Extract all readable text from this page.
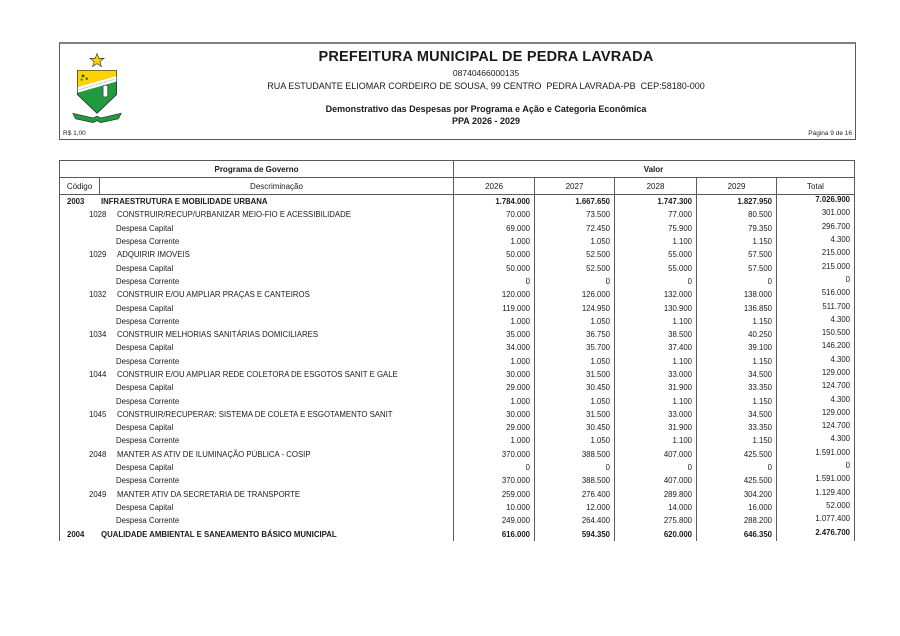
PREFEITURA MUNICIPAL DE PEDRA LAVRADA
08740466000135
RUA ESTUDANTE ELIOMAR CORDEIRO DE SOUSA, 99 CENTRO  PEDRA LAVRADA-PB  CEP:58180-000
Demonstrativo das Despesas por Programa e Ação e Categoria Econômica
PPA 2026 - 2029
R$ 1,00	Página 9 de 16
Programa de Governo	Valor
Código	Descriminação	2026	2027	2028	2029	Total
2003	INFRAESTRUTURA E MOBILIDADE URBANA	1.784.000	1.667.650	1.747.300	1.827.950	7.026.900
1028	CONSTRUIR/RECUP/URBANIZAR MEIO-FIO E ACESSIBILIDADE	70.000	73.500	77.000	80.500	301.000
Despesa Capital	69.000	72.450	75.900	79.350	296.700
Despesa Corrente	1.000	1.050	1.100	1.150	4.300
1029	ADQUIRIR IMOVEIS	50.000	52.500	55.000	57.500	215.000
Despesa Capital	50.000	52.500	55.000	57.500	215.000
Despesa Corrente	0	0	0	0	0
1032	CONSTRUIR E/OU AMPLIAR PRAÇAS E CANTEIROS	120.000	126.000	132.000	138.000	516.000
Despesa Capital	119.000	124.950	130.900	136.850	511.700
Despesa Corrente	1.000	1.050	1.100	1.150	4.300
1034	CONSTRUIR MELHORIAS SANITÁRIAS DOMICILIARES	35.000	36.750	38.500	40.250	150.500
Despesa Capital	34.000	35.700	37.400	39.100	146.200
Despesa Corrente	1.000	1.050	1.100	1.150	4.300
1044	CONSTRUIR E/OU AMPLIAR REDE COLETORA DE ESGOTOS SANIT E GALE	30.000	31.500	33.000	34.500	129.000
Despesa Capital	29.000	30.450	31.900	33.350	124.700
Despesa Corrente	1.000	1.050	1.100	1.150	4.300
1045	CONSTRUIR/RECUPERAR: SISTEMA DE COLETA E ESGOTAMENTO SANIT	30.000	31.500	33.000	34.500	129.000
Despesa Capital	29.000	30.450	31.900	33.350	124.700
Despesa Corrente	1.000	1.050	1.100	1.150	4.300
2048	MANTER AS ATIV DE ILUMINAÇÃO PÚBLICA - COSIP	370.000	388.500	407.000	425.500	1.591.000
Despesa Capital	0	0	0	0	0
Despesa Corrente	370.000	388.500	407.000	425.500	1.591.000
2049	MANTER ATIV DA SECRETARIA DE TRANSPORTE	259.000	276.400	289.800	304.200	1.129.400
Despesa Capital	10.000	12.000	14.000	16.000	52.000
Despesa Corrente	249.000	264.400	275.800	288.200	1.077.400
2004	QUALIDADE AMBIENTAL E SANEAMENTO BÁSICO MUNICIPAL	616.000	594.350	620.000	646.350	2.476.700
